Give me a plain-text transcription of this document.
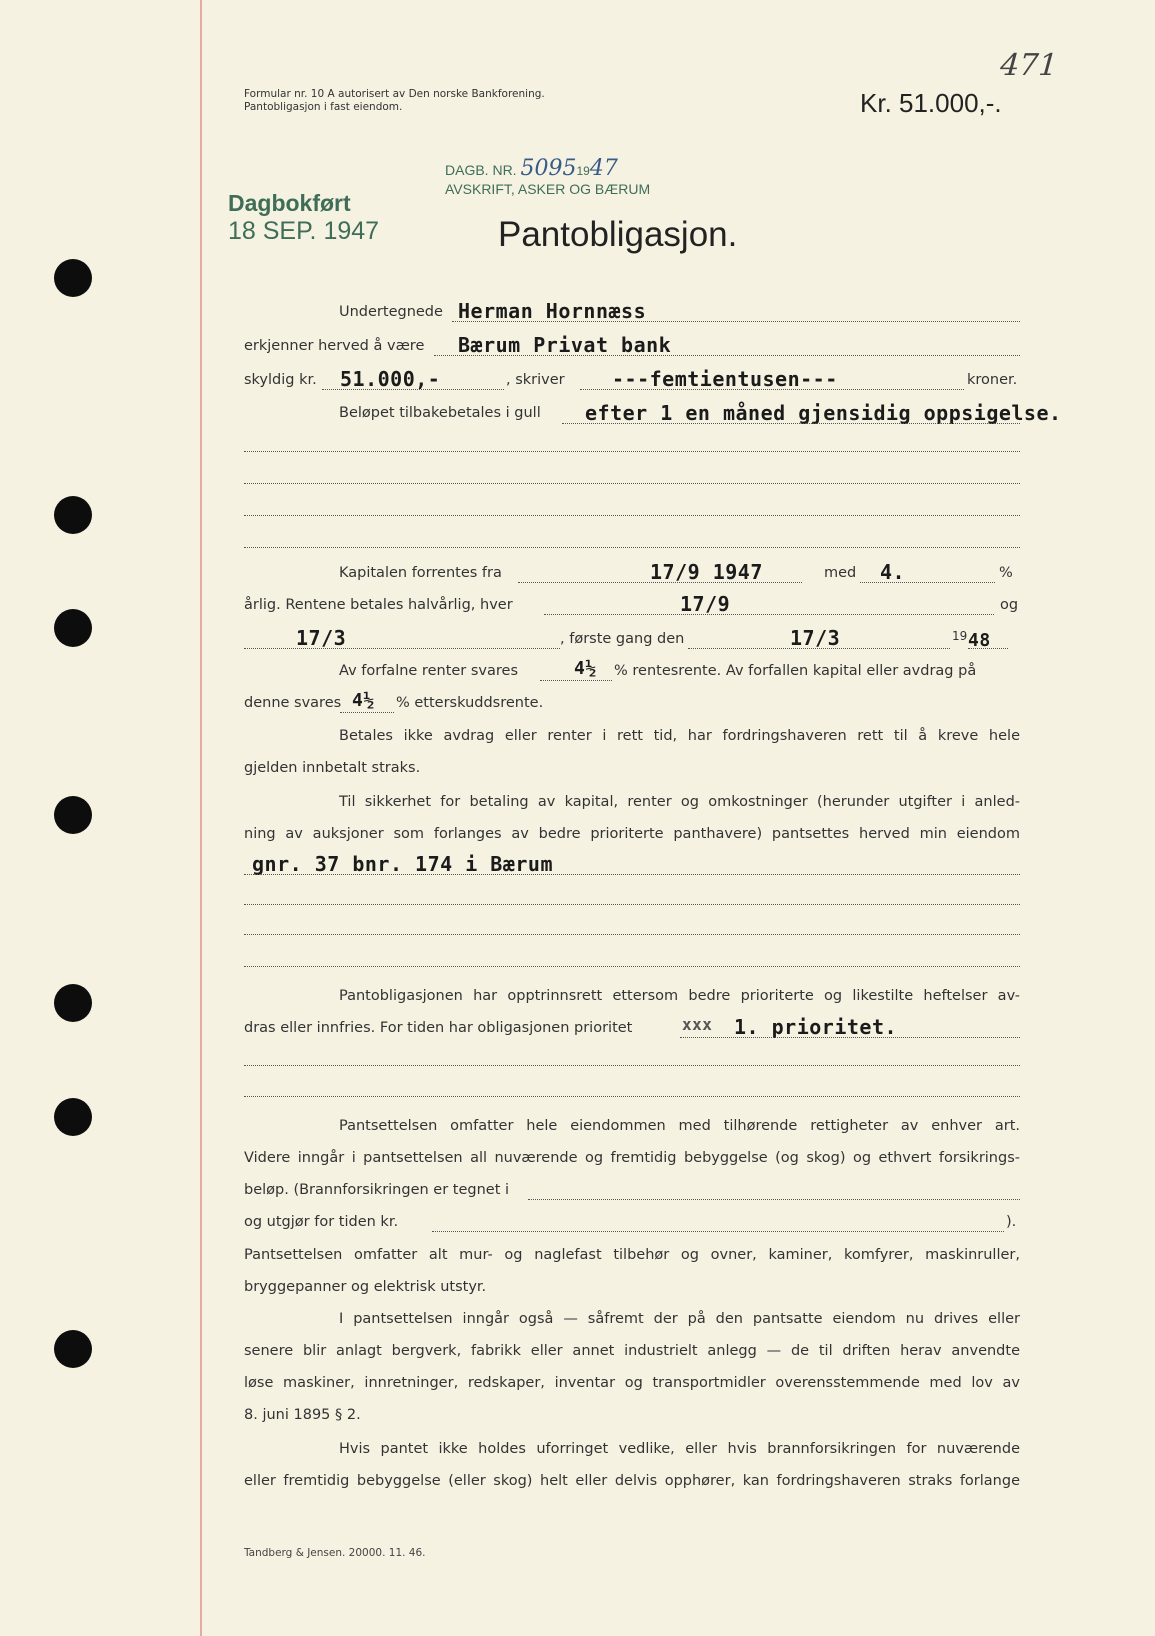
Formular nr. 10 A autorisert av Den norske Bankforening.
Pantobligasjon i fast eiendom.	Kr. 51.000,-.
471
DAGB. NR. 50951947
AVSKRIFT, ASKER OG BÆRUM
Dagbokført
18 SEP. 1947	Pantobligasjon.
Undertegnede Herman Hornnæss
erkjenner herved å være Bærum Privat bank
skyldig kr. 51.000,-	, skriver ---femtientusen---	kroner.
Beløpet tilbakebetales i gull efter 1 en måned gjensidig oppsigelse.
Kapitalen forrentes fra	17/9 1947	med 4.	%
årlig. Rentene betales halvårlig, hver	17/9	og
17/3	, første gang den	17/3	19 48
Av forfalne renter svares	4½ % rentesrente. Av forfallen kapital eller avdrag på
denne svares 4½ % etterskuddsrente.
Betales ikke avdrag eller renter i rett tid, har fordringshaveren rett til å kreve hele
gjelden innbetalt straks.
Til sikkerhet for betaling av kapital, renter og omkostninger (herunder utgifter i anled-
ning av auksjoner som forlanges av bedre prioriterte panthavere) pantsettes herved min eiendom
gnr. 37 bnr. 174 i Bærum
Pantobligasjonen har opptrinnsrett ettersom bedre prioriterte og likestilte heftelser av-
dras eller innfries. For tiden har obligasjonen prioritet	xxx 1. prioritet.
Pantsettelsen omfatter hele eiendommen med tilhørende rettigheter av enhver art.
Videre inngår i pantsettelsen all nuværende og fremtidig bebyggelse (og skog) og ethvert forsikrings-
beløp. (Brannforsikringen er tegnet i
og utgjør for tiden kr.	).
Pantsettelsen omfatter alt mur- og naglefast tilbehør og ovner, kaminer, komfyrer, maskinruller,
bryggepanner og elektrisk utstyr.
I pantsettelsen inngår også — såfremt der på den pantsatte eiendom nu drives eller
senere blir anlagt bergverk, fabrikk eller annet industrielt anlegg — de til driften herav anvendte
løse maskiner, innretninger, redskaper, inventar og transportmidler overensstemmende med lov av
8. juni 1895 § 2.
Hvis pantet ikke holdes uforringet vedlike, eller hvis brannforsikringen for nuværende
eller fremtidig bebyggelse (eller skog) helt eller delvis opphører, kan fordringshaveren straks forlange
Tandberg & Jensen. 20000. 11. 46.
